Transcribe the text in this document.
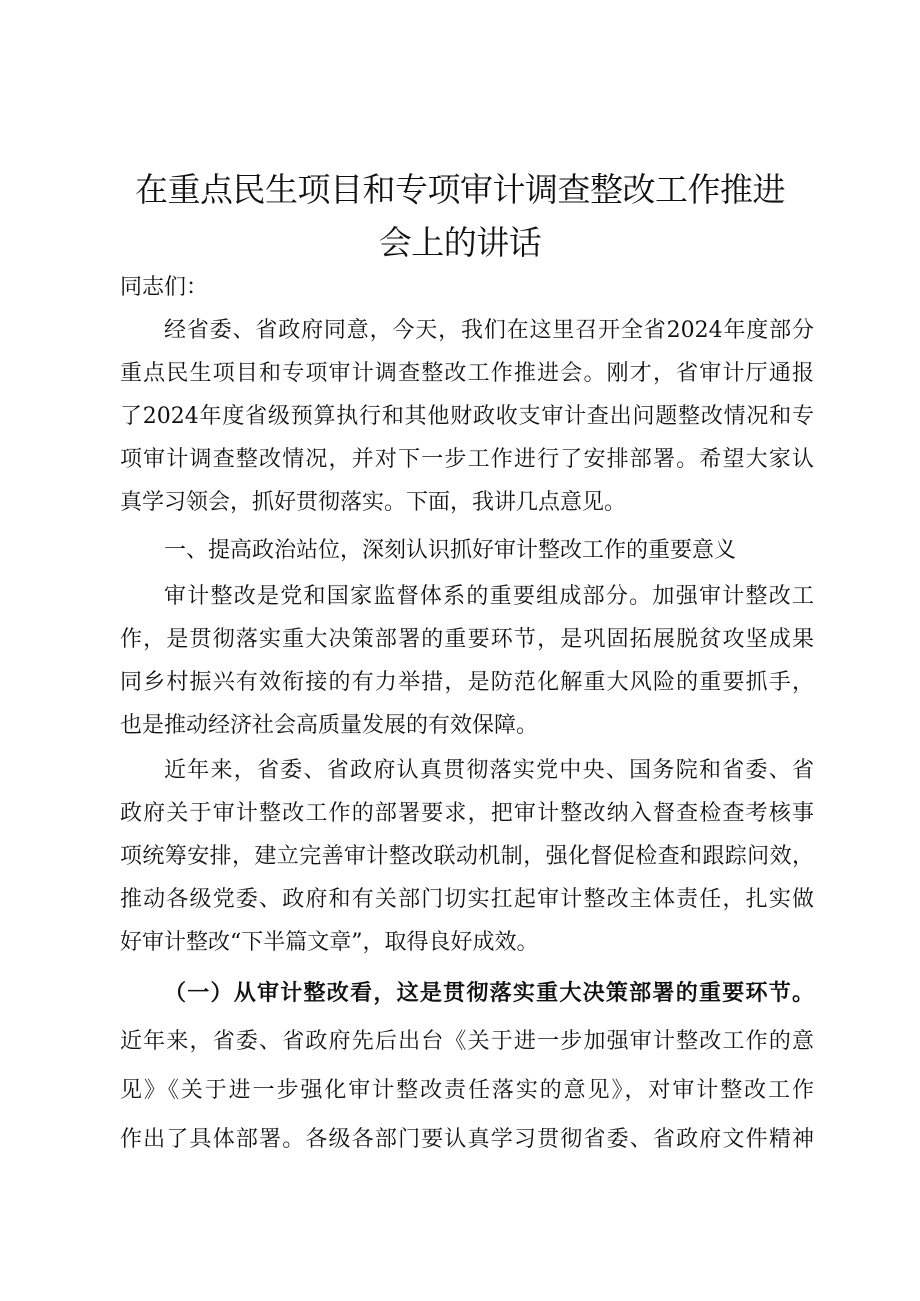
在重点民生项目和专项审计调查整改工作推进
会上的讲话
同志们：
经省委、省政府同意，今天，我们在这里召开全省2024年度部分
重点民生项目和专项审计调查整改工作推进会。刚才，省审计厅通报
了2024年度省级预算执行和其他财政收支审计查出问题整改情况和专
项审计调查整改情况，并对下一步工作进行了安排部署。希望大家认
真学习领会，抓好贯彻落实。下面，我讲几点意见。
一、提高政治站位，深刻认识抓好审计整改工作的重要意义
审计整改是党和国家监督体系的重要组成部分。加强审计整改工
作，是贯彻落实重大决策部署的重要环节，是巩固拓展脱贫攻坚成果
同乡村振兴有效衔接的有力举措，是防范化解重大风险的重要抓手，
也是推动经济社会高质量发展的有效保障。
近年来，省委、省政府认真贯彻落实党中央、国务院和省委、省
政府关于审计整改工作的部署要求，把审计整改纳入督查检查考核事
项统筹安排，建立完善审计整改联动机制，强化督促检查和跟踪问效，
推动各级党委、政府和有关部门切实扛起审计整改主体责任，扎实做
好审计整改“下半篇文章”，取得良好成效。
（一）从审计整改看，这是贯彻落实重大决策部署的重要环节。
近年来，省委、省政府先后出台《关于进一步加强审计整改工作的意
见》《关于进一步强化审计整改责任落实的意见》，对审计整改工作
作出了具体部署。各级各部门要认真学习贯彻省委、省政府文件精神
